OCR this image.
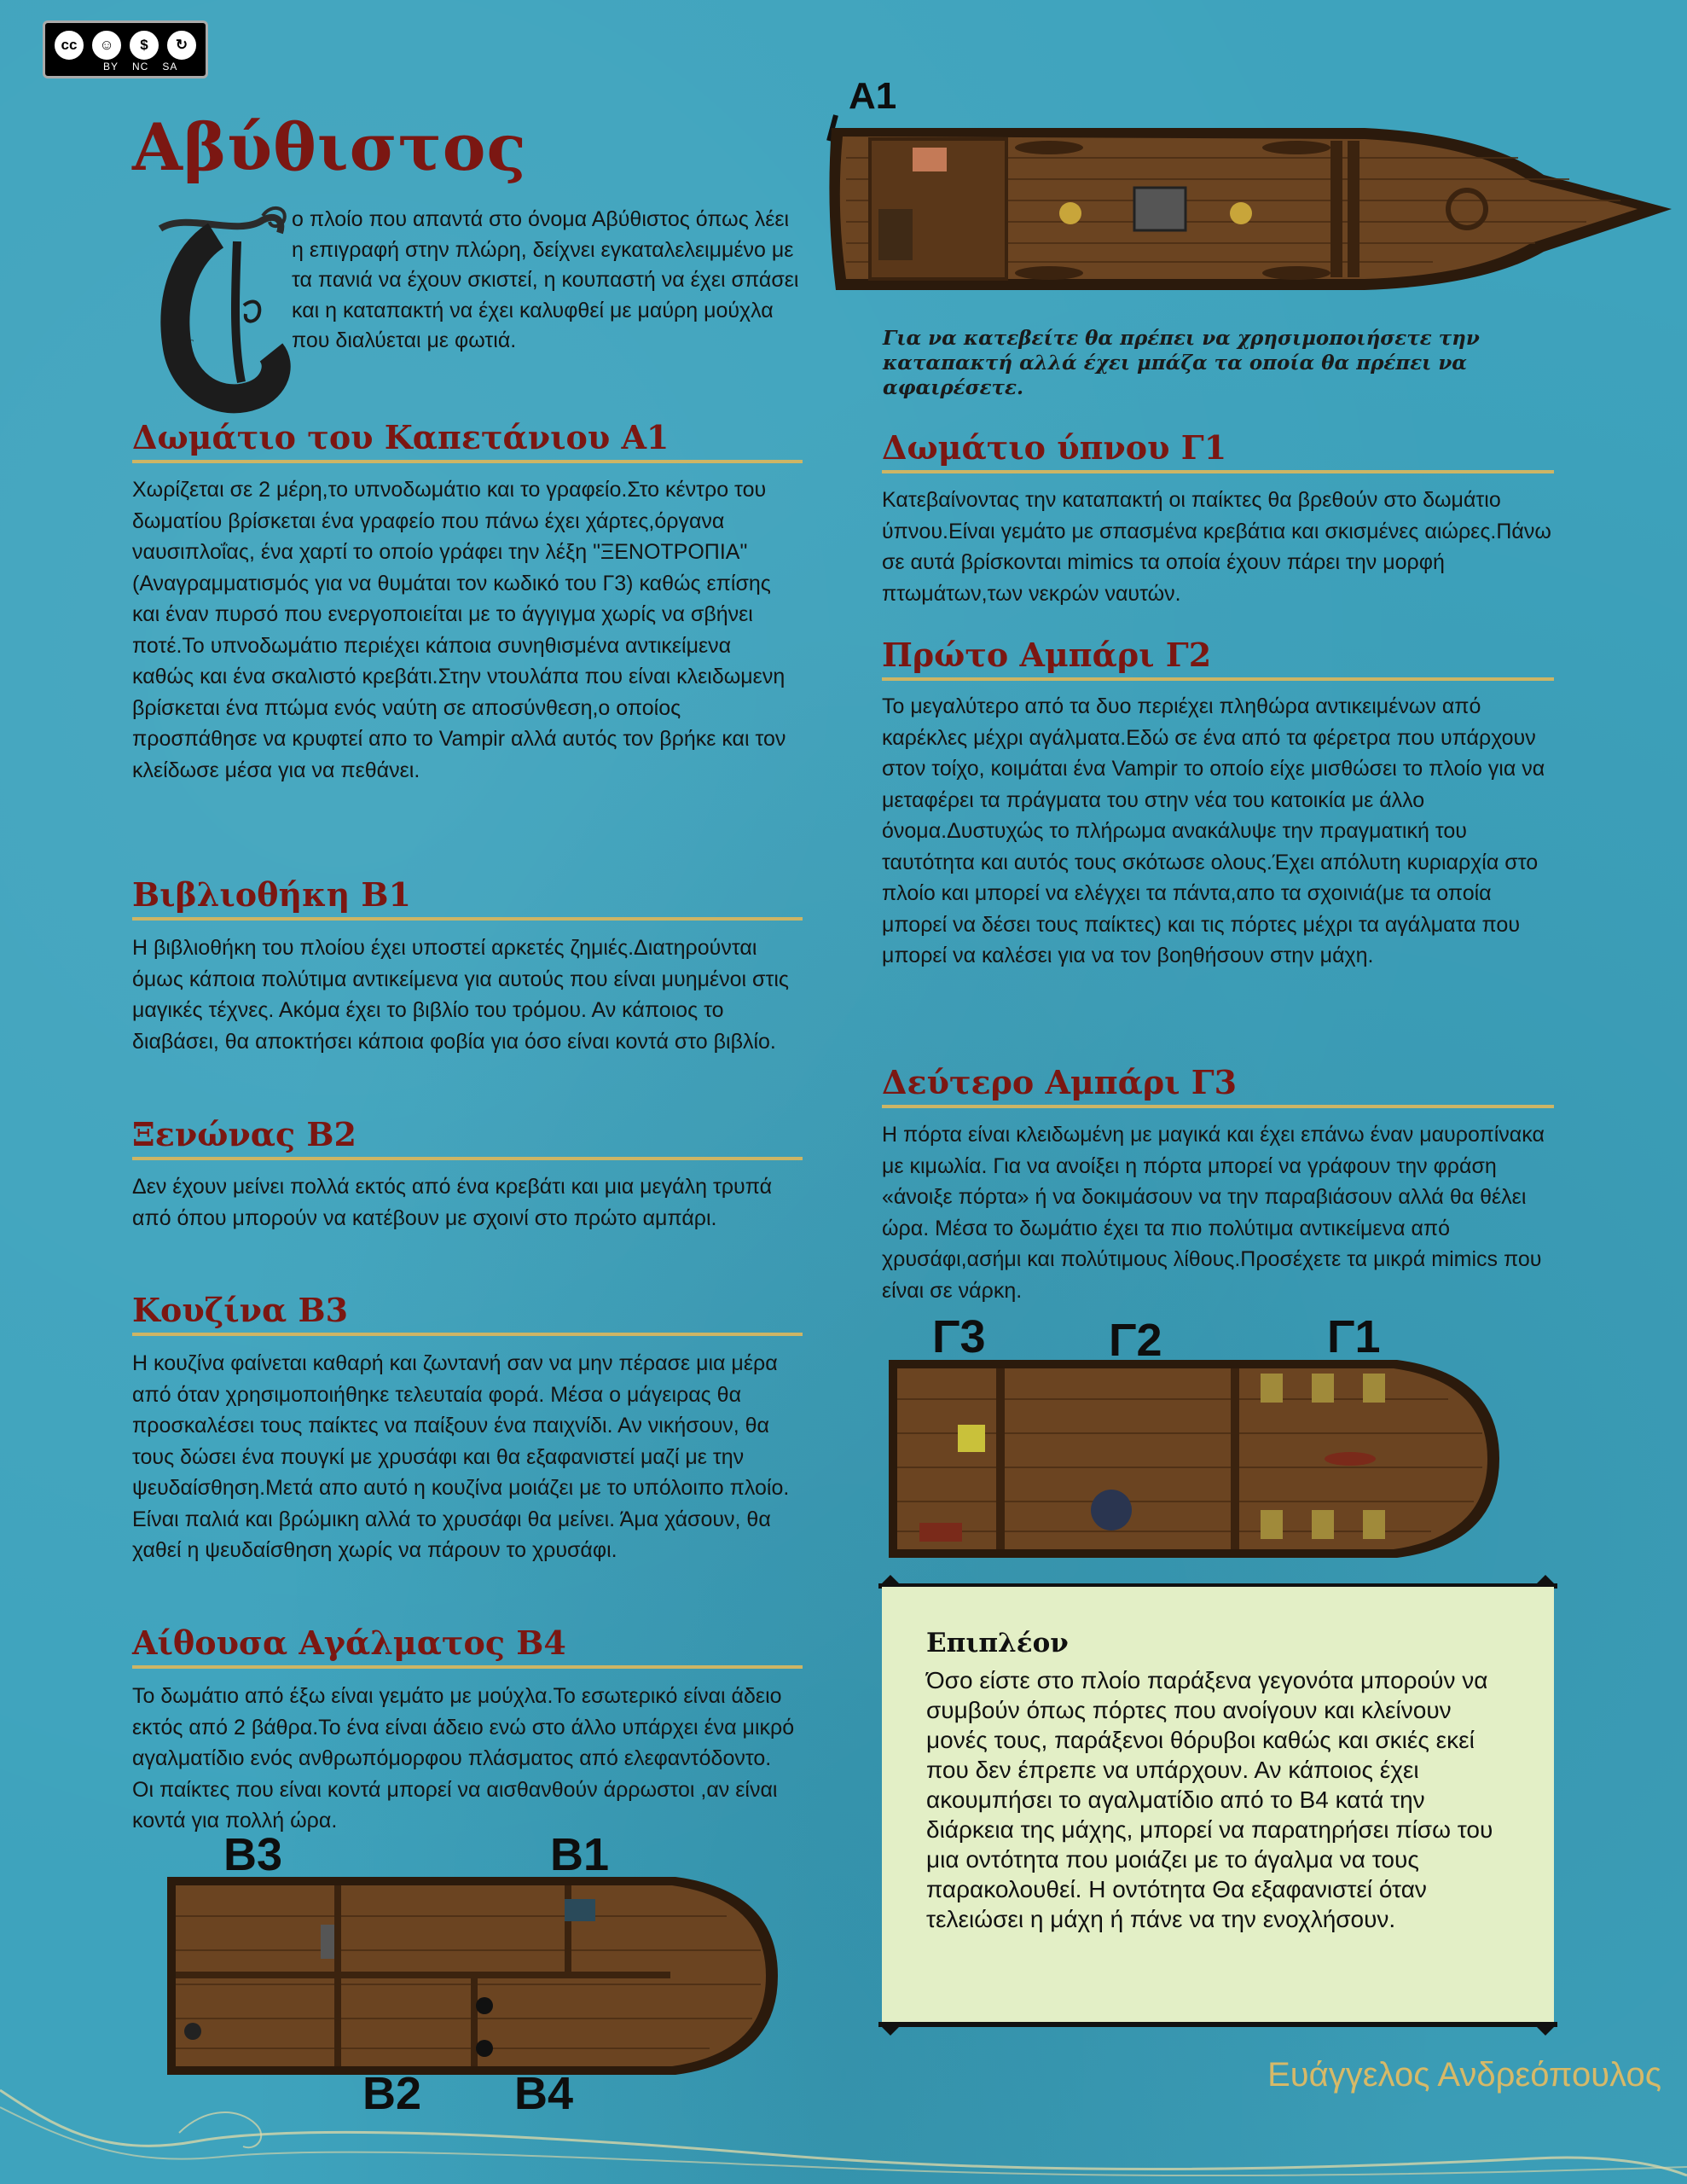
cc	☺	$	↻
BY NC SA
Αβύθιστος
Τ
ο πλοίο που απαντά στο όνομα Αβύθιστος όπως λέει η επιγραφή στην πλώρη, δείχνει εγκαταλελειμμένο με τα πανιά να έχουν σκιστεί, η κουπαστή να έχει σπάσει και η καταπακτή να έχει καλυφθεί με μαύρη μούχλα που διαλύεται με φωτιά.
Δωμάτιο του Καπετάνιου Α1

Χωρίζεται σε 2 μέρη,το υπνοδωμάτιο και το γραφείο.Στο κέντρο του δωματίου βρίσκεται ένα γραφείο που πάνω έχει χάρτες,όργανα ναυσιπλοΐας, ένα χαρτί το οποίο γράφει την λέξη "ΞΕΝΟΤΡΟΠΙΑ"(Αναγραμματισμός για να θυμάται τον κωδικό του Γ3) καθώς επίσης και έναν πυρσό που ενεργοποιείται με το άγγιγμα χωρίς να σβήνει ποτέ.Το υπνοδωμάτιο περιέχει κάποια συνηθισμένα αντικείμενα καθώς και ένα σκαλιστό κρεβάτι.Στην ντουλάπα που είναι κλειδωμενη βρίσκεται ένα πτώμα ενός ναύτη σε αποσύνθεση,ο οποίος προσπάθησε να κρυφτεί απο το Vampir αλλά αυτός τον βρήκε και τον κλείδωσε μέσα για να πεθάνει.

Βιβλιοθήκη Β1

Η βιβλιοθήκη του πλοίου έχει υποστεί αρκετές ζημιές.Διατηρούνται όμως κάποια πολύτιμα αντικείμενα για αυτούς που είναι μυημένοι στις μαγικές τέχνες. Ακόμα έχει το βιβλίο του τρόμου. Αν κάποιος το διαβάσει, θα αποκτήσει κάποια φοβία για όσο είναι κοντά στο βιβλίο.

Ξενώνας Β2

Δεν έχουν μείνει πολλά εκτός από ένα κρεβάτι και μια μεγάλη τρυπά από όπου μπορούν να κατέβουν με σχοινί στο πρώτο αμπάρι.

Κουζίνα Β3

Η κουζίνα φαίνεται καθαρή και ζωντανή σαν να μην πέρασε μια μέρα από όταν χρησιμοποιήθηκε τελευταία φορά. Μέσα ο μάγειρας θα προσκαλέσει τους παίκτες να παίξουν ένα παιχνίδι. Αν νικήσουν, θα τους δώσει ένα πουγκί με χρυσάφι και θα εξαφανιστεί μαζί με την ψευδαίσθηση.Μετά απο αυτό η κουζίνα μοιάζει με το υπόλοιπο πλοίο. Είναι παλιά και βρώμικη αλλά το χρυσάφι θα μείνει. Άμα χάσουν, θα χαθεί η ψευδαίσθηση χωρίς να πάρουν το χρυσάφι.

Αίθουσα Αγάλματος Β4

Το δωμάτιο από έξω είναι γεμάτο με μούχλα.Το εσωτερικό είναι άδειο εκτός από 2 βάθρα.Το ένα είναι άδειο ενώ στο άλλο υπάρχει ένα μικρό αγαλματίδιο ενός ανθρωπόμορφου πλάσματος από ελεφαντόδοντο. Οι παίκτες που είναι κοντά μπορεί να αισθανθούν άρρωστοι ,αν είναι κοντά για πολλή ώρα.

Α1
Για να κατεβείτε θα πρέπει να χρησιμοποιήσετε την καταπακτή αλλά έχει μπάζα τα οποία θα πρέπει να αφαιρέσετε.
Δωμάτιο ύπνου Γ1

Κατεβαίνοντας την καταπακτή οι παίκτες θα βρεθούν στο δωμάτιο ύπνου.Είναι γεμάτο με σπασμένα κρεβάτια και σκισμένες αιώρες.Πάνω σε αυτά βρίσκονται mimics τα οποία έχουν πάρει την μορφή πτωμάτων,των νεκρών ναυτών.

Πρώτο Αμπάρι Γ2

Το μεγαλύτερο από τα δυο περιέχει πληθώρα αντικειμένων από καρέκλες μέχρι αγάλματα.Εδώ σε ένα από τα φέρετρα που υπάρχουν στον τοίχο, κοιμάται ένα Vampir το οποίο είχε μισθώσει το πλοίο για να μεταφέρει τα πράγματα του στην νέα του κατοικία με άλλο όνομα.Δυστυχώς το πλήρωμα ανακάλυψε την πραγματική του ταυτότητα και αυτός τους σκότωσε ολους.Έχει απόλυτη κυριαρχία στο πλοίο και μπορεί να ελέγχει τα πάντα,απο τα σχοινιά(με τα οποία μπορεί να δέσει τους παίκτες) και τις πόρτες μέχρι τα αγάλματα που μπορεί να καλέσει για να τον βοηθήσουν στην μάχη.

Δεύτερο Αμπάρι Γ3

Η πόρτα είναι κλειδωμένη με μαγικά και έχει επάνω έναν μαυροπίνακα με κιμωλία. Για να ανοίξει η πόρτα μπορεί να γράφουν την φράση «άνοιξε πόρτα» ή να δοκιμάσουν να την παραβιάσουν αλλά θα θέλει ώρα. Μέσα το δωμάτιο έχει τα πιο πολύτιμα αντικείμενα από χρυσάφι,ασήμι και πολύτιμους λίθους.Προσέχετε τα μικρά mimics που είναι σε νάρκη.

Γ3	Γ2	Γ1
Β3	Β1
Β2 Β4
Επιπλέον

Όσο είστε στο πλοίο παράξενα γεγονότα μπορούν να συμβούν όπως πόρτες που ανοίγουν και κλείνουν μονές τους, παράξενοι θόρυβοι καθώς και σκιές εκεί που δεν έπρεπε να υπάρχουν. Αν κάποιος έχει ακουμπήσει το αγαλματίδιο από το Β4 κατά την διάρκεια της μάχης, μπορεί να παρατηρήσει πίσω του μια οντότητα που μοιάζει με το άγαλμα να τους παρακολουθεί. Η οντότητα Θα εξαφανιστεί όταν τελειώσει η μάχη ή πάνε να την ενοχλήσουν.

Ευάγγελος Ανδρεόπουλος
